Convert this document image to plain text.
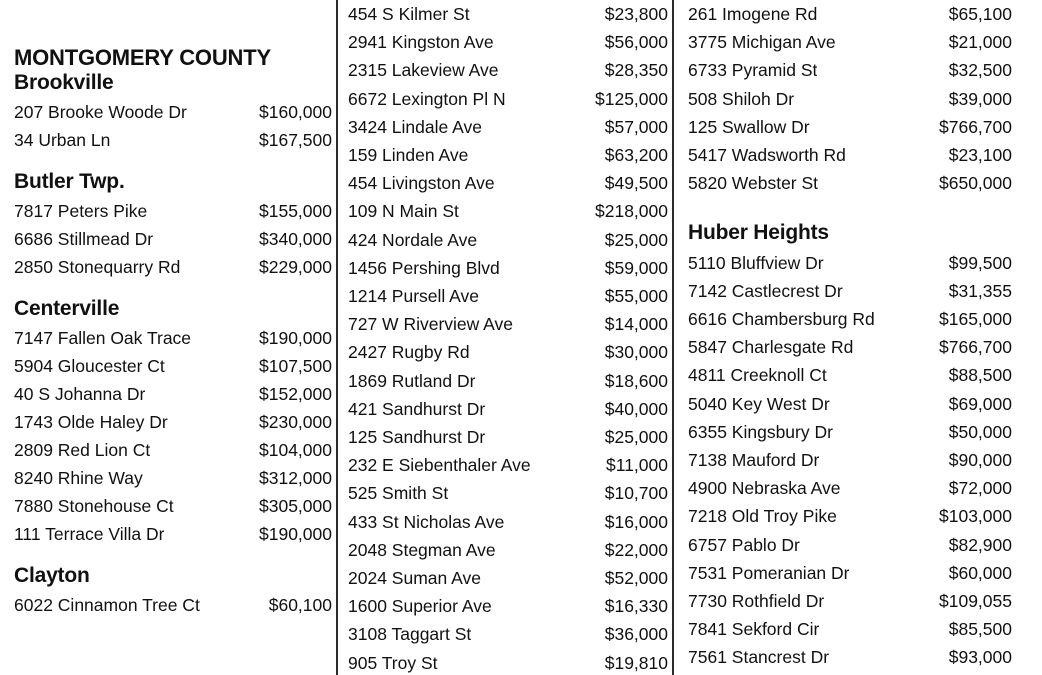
MONTGOMERY COUNTY
Brookville
207 Brooke Woode Dr	$160,000
34 Urban Ln	$167,500
Butler Twp.
7817 Peters Pike	$155,000
6686 Stillmead Dr	$340,000
2850 Stonequarry Rd	$229,000
Centerville
7147 Fallen Oak Trace	$190,000
5904 Gloucester Ct	$107,500
40 S Johanna Dr	$152,000
1743 Olde Haley Dr	$230,000
2809 Red Lion Ct	$104,000
8240 Rhine Way	$312,000
7880 Stonehouse Ct	$305,000
111 Terrace Villa Dr	$190,000
Clayton
6022 Cinnamon Tree Ct	$60,100
454 S Kilmer St	$23,800
2941 Kingston Ave	$56,000
2315 Lakeview Ave	$28,350
6672 Lexington Pl N	$125,000
3424 Lindale Ave	$57,000
159 Linden Ave	$63,200
454 Livingston Ave	$49,500
109 N Main St	$218,000
424 Nordale Ave	$25,000
1456 Pershing Blvd	$59,000
1214 Pursell Ave	$55,000
727 W Riverview Ave	$14,000
2427 Rugby Rd	$30,000
1869 Rutland Dr	$18,600
421 Sandhurst Dr	$40,000
125 Sandhurst Dr	$25,000
232 E Siebenthaler Ave	$11,000
525 Smith St	$10,700
433 St Nicholas Ave	$16,000
2048 Stegman Ave	$22,000
2024 Suman Ave	$52,000
1600 Superior Ave	$16,330
3108 Taggart St	$36,000
905 Troy St	$19,810
261 Imogene Rd	$65,100
3775 Michigan Ave	$21,000
6733 Pyramid St	$32,500
508 Shiloh Dr	$39,000
125 Swallow Dr	$766,700
5417 Wadsworth Rd	$23,100
5820 Webster St	$650,000
Huber Heights
5110 Bluffview Dr	$99,500
7142 Castlecrest Dr	$31,355
6616 Chambersburg Rd	$165,000
5847 Charlesgate Rd	$766,700
4811 Creeknoll Ct	$88,500
5040 Key West Dr	$69,000
6355 Kingsbury Dr	$50,000
7138 Mauford Dr	$90,000
4900 Nebraska Ave	$72,000
7218 Old Troy Pike	$103,000
6757 Pablo Dr	$82,900
7531 Pomeranian Dr	$60,000
7730 Rothfield Dr	$109,055
7841 Sekford Cir	$85,500
7561 Stancrest Dr	$93,000
